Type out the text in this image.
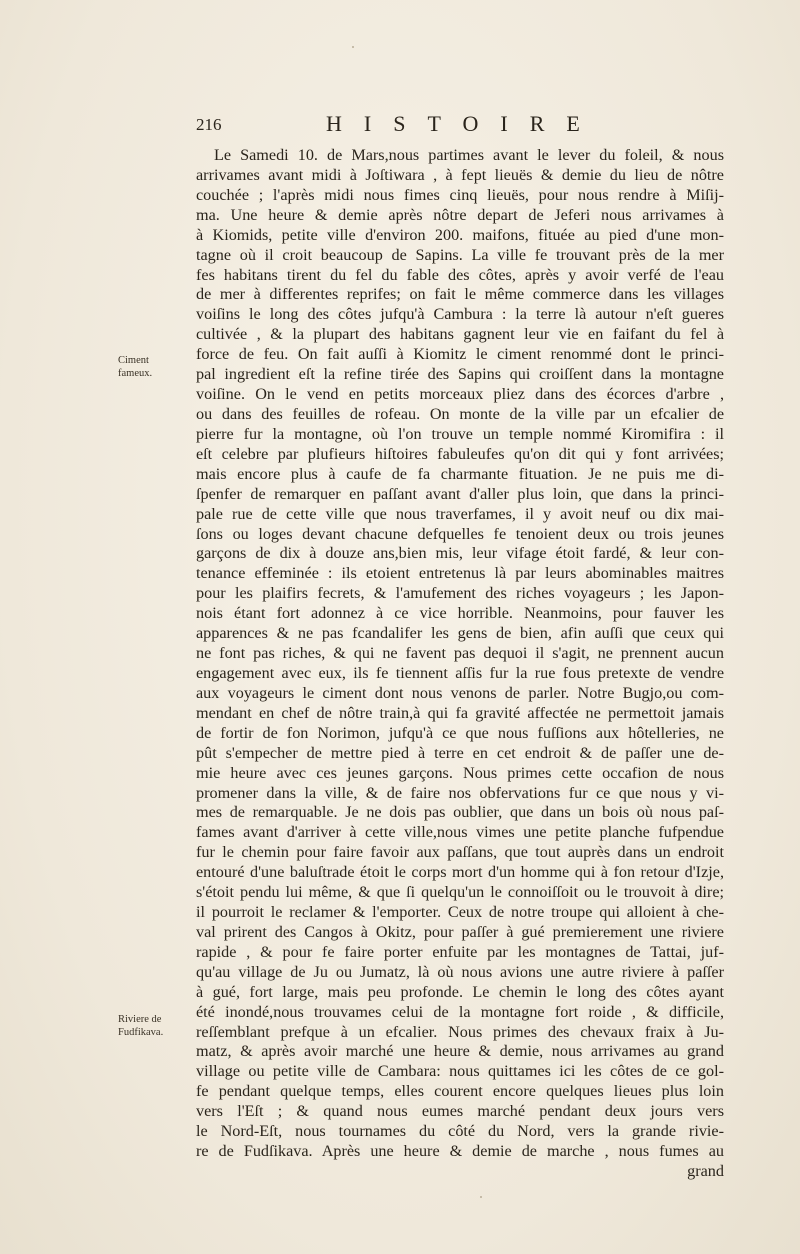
216	HISTOIRE
Ciment
fameux.
Riviere de
Fudfikava.
Le Samedi 10. de Mars,nous partimes avant le lever du foleil, & nous
arrivames avant midi à Joſtiwara , à fept lieuës & demie du lieu de nôtre
couchée ; l'après midi nous fimes cinq lieuës, pour nous rendre à Miſij-
ma. Une heure & demie après nôtre depart de Jeferi nous arrivames à
à Kiomids, petite ville d'environ 200. maifons, fituée au pied d'une mon-
tagne où il croit beaucoup de Sapins. La ville fe trouvant près de la mer
fes habitans tirent du fel du fable des côtes, après y avoir verfé de l'eau
de mer à differentes reprifes; on fait le même commerce dans les villages
voiſins le long des côtes jufqu'à Cambura : la terre là autour n'eſt gueres
cultivée , & la plupart des habitans gagnent leur vie en faifant du fel à
force de feu. On fait auſſi à Kiomitz le ciment renommé dont le princi-
pal ingredient eſt la refine tirée des Sapins qui croiſſent dans la montagne
voiſine. On le vend en petits morceaux pliez dans des écorces d'arbre ,
ou dans des feuilles de rofeau. On monte de la ville par un efcalier de
pierre fur la montagne, où l'on trouve un temple nommé Kiromifira : il
eſt celebre par plufieurs hiſtoires fabuleufes qu'on dit qui y font arrivées;
mais encore plus à caufe de fa charmante fituation. Je ne puis me di-
ſpenfer de remarquer en paſſant avant d'aller plus loin, que dans la princi-
pale rue de cette ville que nous traverfames, il y avoit neuf ou dix mai-
ſons ou loges devant chacune defquelles fe tenoient deux ou trois jeunes
garçons de dix à douze ans,bien mis, leur vifage étoit fardé, & leur con-
tenance effeminée : ils etoient entretenus là par leurs abominables maitres
pour les plaifirs fecrets, & l'amufement des riches voyageurs ; les Japon-
nois étant fort adonnez à ce vice horrible. Neanmoins, pour fauver les
apparences & ne pas fcandalifer les gens de bien, afin auſſi que ceux qui
ne font pas riches, & qui ne favent pas dequoi il s'agit, ne prennent aucun
engagement avec eux, ils fe tiennent aſſis fur la rue fous pretexte de vendre
aux voyageurs le ciment dont nous venons de parler. Notre Bugjo,ou com-
mendant en chef de nôtre train,à qui fa gravité affectée ne permettoit jamais
de fortir de fon Norimon, jufqu'à ce que nous fuſſions aux hôtelleries, ne
pût s'empecher de mettre pied à terre en cet endroit & de paſſer une de-
mie heure avec ces jeunes garçons. Nous primes cette occafion de nous
promener dans la ville, & de faire nos obfervations fur ce que nous y vi-
mes de remarquable. Je ne dois pas oublier, que dans un bois où nous paſ-
fames avant d'arriver à cette ville,nous vimes une petite planche fufpendue
fur le chemin pour faire favoir aux paſſans, que tout auprès dans un endroit
entouré d'une baluſtrade étoit le corps mort d'un homme qui à fon retour d'Izje,
s'étoit pendu lui même, & que ſi quelqu'un le connoiſſoit ou le trouvoit à dire;
il pourroit le reclamer & l'emporter. Ceux de notre troupe qui alloient à che-
val prirent des Cangos à Okitz, pour paſſer à gué premierement une riviere
rapide , & pour fe faire porter enfuite par les montagnes de Tattai, juf-
qu'au village de Ju ou Jumatz, là où nous avions une autre riviere à paſſer
à gué, fort large, mais peu profonde. Le chemin le long des côtes ayant
été inondé,nous trouvames celui de la montagne fort roide , & difficile,
reſſemblant prefque à un efcalier. Nous primes des chevaux fraix à Ju-
matz, & après avoir marché une heure & demie, nous arrivames au grand
village ou petite ville de Cambara: nous quittames ici les côtes de ce gol-
fe pendant quelque temps, elles courent encore quelques lieues plus loin
vers l'Eſt ; & quand nous eumes marché pendant deux jours vers
le Nord-Eſt, nous tournames du côté du Nord, vers la grande rivie-
re de Fudſikava. Après une heure & demie de marche , nous fumes au
grand
